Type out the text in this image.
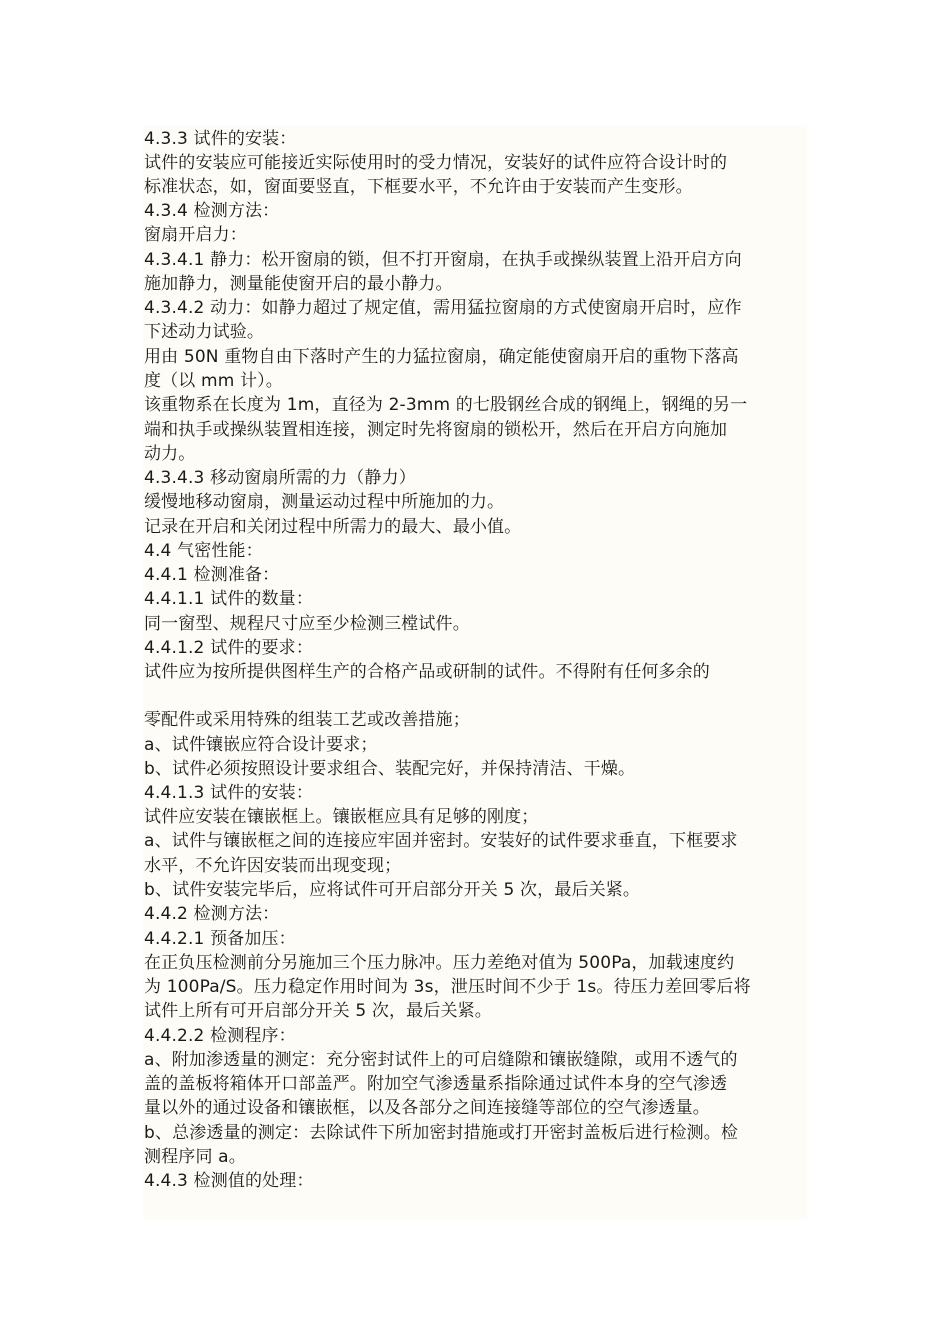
4.3.3 试件的安装：
试件的安装应可能接近实际使用时的受力情况，安装好的试件应符合设计时的
标准状态，如，窗面要竖直，下框要水平，不允许由于安装而产生变形。
4.3.4 检测方法：
窗扇开启力：
4.3.4.1 静力：松开窗扇的锁，但不打开窗扇，在执手或操纵装置上沿开启方向
施加静力，测量能使窗开启的最小静力。
4.3.4.2 动力：如静力超过了规定值，需用猛拉窗扇的方式使窗扇开启时，应作
下述动力试验。
用由 50N 重物自由下落时产生的力猛拉窗扇，确定能使窗扇开启的重物下落高
度（以 mm 计）。
该重物系在长度为 1m，直径为 2-3mm 的七股钢丝合成的钢绳上，钢绳的另一
端和执手或操纵装置相连接，测定时先将窗扇的锁松开，然后在开启方向施加
动力。
4.3.4.3 移动窗扇所需的力（静力）
缓慢地移动窗扇，测量运动过程中所施加的力。
记录在开启和关闭过程中所需力的最大、最小值。
4.4 气密性能：
4.4.1 检测准备：
4.4.1.1 试件的数量：
同一窗型、规程尺寸应至少检测三樘试件。
4.4.1.2 试件的要求：
试件应为按所提供图样生产的合格产品或研制的试件。不得附有任何多余的
零配件或采用特殊的组装工艺或改善措施；
a、试件镶嵌应符合设计要求；
b、试件必须按照设计要求组合、装配完好，并保持清洁、干燥。
4.4.1.3 试件的安装：
试件应安装在镶嵌框上。镶嵌框应具有足够的刚度；
a、试件与镶嵌框之间的连接应牢固并密封。安装好的试件要求垂直，下框要求
水平，不允许因安装而出现变现；
b、试件安装完毕后，应将试件可开启部分开关 5 次，最后关紧。
4.4.2 检测方法：
4.4.2.1 预备加压：
在正负压检测前分另施加三个压力脉冲。压力差绝对值为 500Pa，加载速度约
为 100Pa/S。压力稳定作用时间为 3s，泄压时间不少于 1s。待压力差回零后将
试件上所有可开启部分开关 5 次，最后关紧。
4.4.2.2 检测程序：
a、附加渗透量的测定：充分密封试件上的可启缝隙和镶嵌缝隙，或用不透气的
盖的盖板将箱体开口部盖严。附加空气渗透量系指除通过试件本身的空气渗透
量以外的通过设备和镶嵌框，以及各部分之间连接缝等部位的空气渗透量。
b、总渗透量的测定：去除试件下所加密封措施或打开密封盖板后进行检测。检
测程序同 a。
4.4.3 检测值的处理：
